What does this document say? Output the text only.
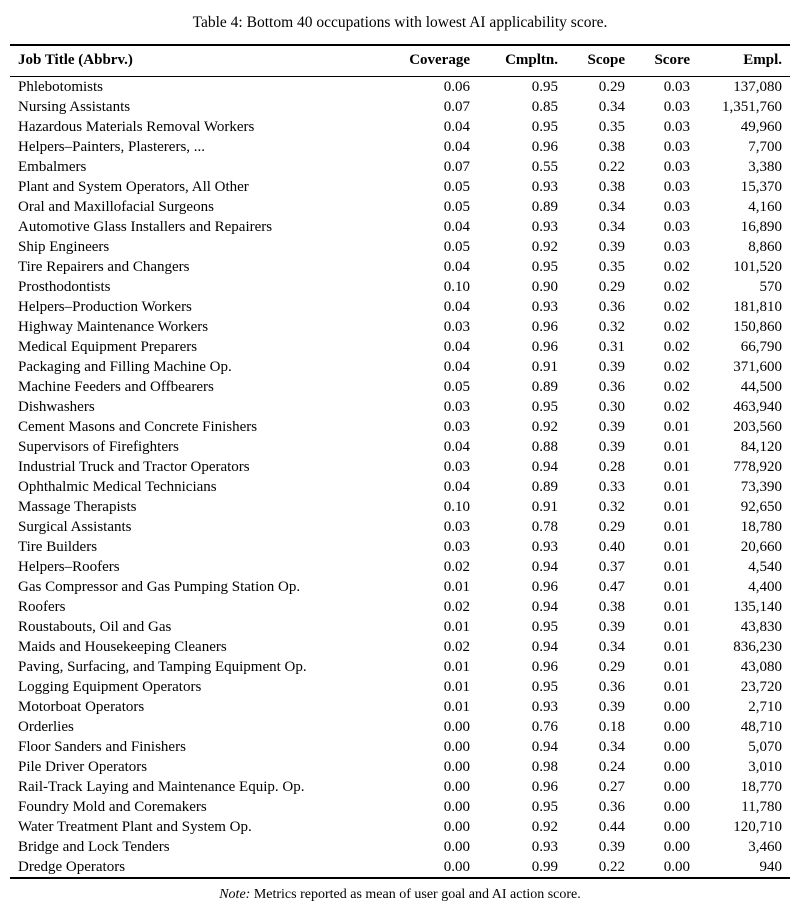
Table 4: Bottom 40 occupations with lowest AI applicability score.
Job Title (Abbrv.)	Coverage	Cmpltn.	Scope	Score	Empl.
Phlebotomists	0.06	0.95	0.29	0.03	137,080
Nursing Assistants	0.07	0.85	0.34	0.03	1,351,760
Hazardous Materials Removal Workers	0.04	0.95	0.35	0.03	49,960
Helpers–Painters, Plasterers, ...	0.04	0.96	0.38	0.03	7,700
Embalmers	0.07	0.55	0.22	0.03	3,380
Plant and System Operators, All Other	0.05	0.93	0.38	0.03	15,370
Oral and Maxillofacial Surgeons	0.05	0.89	0.34	0.03	4,160
Automotive Glass Installers and Repairers	0.04	0.93	0.34	0.03	16,890
Ship Engineers	0.05	0.92	0.39	0.03	8,860
Tire Repairers and Changers	0.04	0.95	0.35	0.02	101,520
Prosthodontists	0.10	0.90	0.29	0.02	570
Helpers–Production Workers	0.04	0.93	0.36	0.02	181,810
Highway Maintenance Workers	0.03	0.96	0.32	0.02	150,860
Medical Equipment Preparers	0.04	0.96	0.31	0.02	66,790
Packaging and Filling Machine Op.	0.04	0.91	0.39	0.02	371,600
Machine Feeders and Offbearers	0.05	0.89	0.36	0.02	44,500
Dishwashers	0.03	0.95	0.30	0.02	463,940
Cement Masons and Concrete Finishers	0.03	0.92	0.39	0.01	203,560
Supervisors of Firefighters	0.04	0.88	0.39	0.01	84,120
Industrial Truck and Tractor Operators	0.03	0.94	0.28	0.01	778,920
Ophthalmic Medical Technicians	0.04	0.89	0.33	0.01	73,390
Massage Therapists	0.10	0.91	0.32	0.01	92,650
Surgical Assistants	0.03	0.78	0.29	0.01	18,780
Tire Builders	0.03	0.93	0.40	0.01	20,660
Helpers–Roofers	0.02	0.94	0.37	0.01	4,540
Gas Compressor and Gas Pumping Station Op.	0.01	0.96	0.47	0.01	4,400
Roofers	0.02	0.94	0.38	0.01	135,140
Roustabouts, Oil and Gas	0.01	0.95	0.39	0.01	43,830
Maids and Housekeeping Cleaners	0.02	0.94	0.34	0.01	836,230
Paving, Surfacing, and Tamping Equipment Op.	0.01	0.96	0.29	0.01	43,080
Logging Equipment Operators	0.01	0.95	0.36	0.01	23,720
Motorboat Operators	0.01	0.93	0.39	0.00	2,710
Orderlies	0.00	0.76	0.18	0.00	48,710
Floor Sanders and Finishers	0.00	0.94	0.34	0.00	5,070
Pile Driver Operators	0.00	0.98	0.24	0.00	3,010
Rail-Track Laying and Maintenance Equip. Op.	0.00	0.96	0.27	0.00	18,770
Foundry Mold and Coremakers	0.00	0.95	0.36	0.00	11,780
Water Treatment Plant and System Op.	0.00	0.92	0.44	0.00	120,710
Bridge and Lock Tenders	0.00	0.93	0.39	0.00	3,460
Dredge Operators	0.00	0.99	0.22	0.00	940
Note: Metrics reported as mean of user goal and AI action score.
